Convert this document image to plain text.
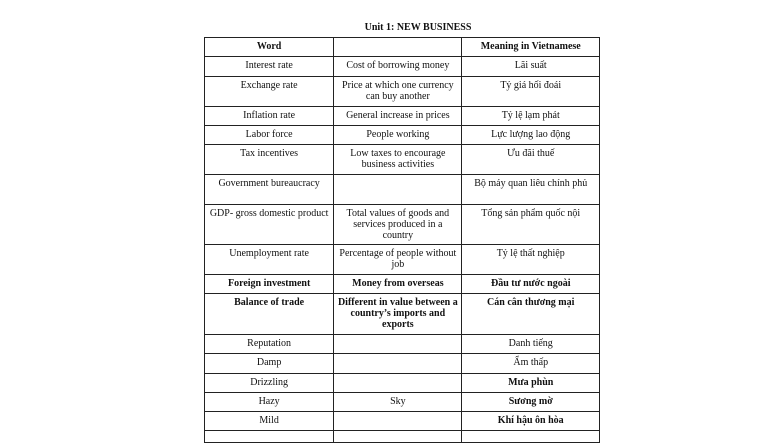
Unit 1: NEW BUSINESS
Word		Meaning in Vietnamese
Interest rate	Cost of borrowing money	Lãi suất
Exchange rate	Price at which one currency can buy another	Tỷ giá hối đoái
Inflation rate	General increase in prices	Tỷ lệ lạm phát
Labor force	People working	Lực lượng lao động
Tax incentives	Low taxes to encourage business activities	Ưu đãi thuế
Government bureaucracy		Bộ máy quan liêu chính phủ
GDP- gross domestic product	Total values of goods and services produced in a country	Tổng sản phẩm quốc nội
Unemployment rate	Percentage of people without job	Tỷ lệ thất nghiệp
Foreign investment	Money from overseas	Đầu tư nước ngoài
Balance of trade	Different in value between a country’s imports and exports	Cán cân thương mại
Reputation		Danh tiếng
Damp		Ẩm thấp
Drizzling		Mưa phùn
Hazy	Sky	Sương mờ
Mild		Khí hậu ôn hòa
